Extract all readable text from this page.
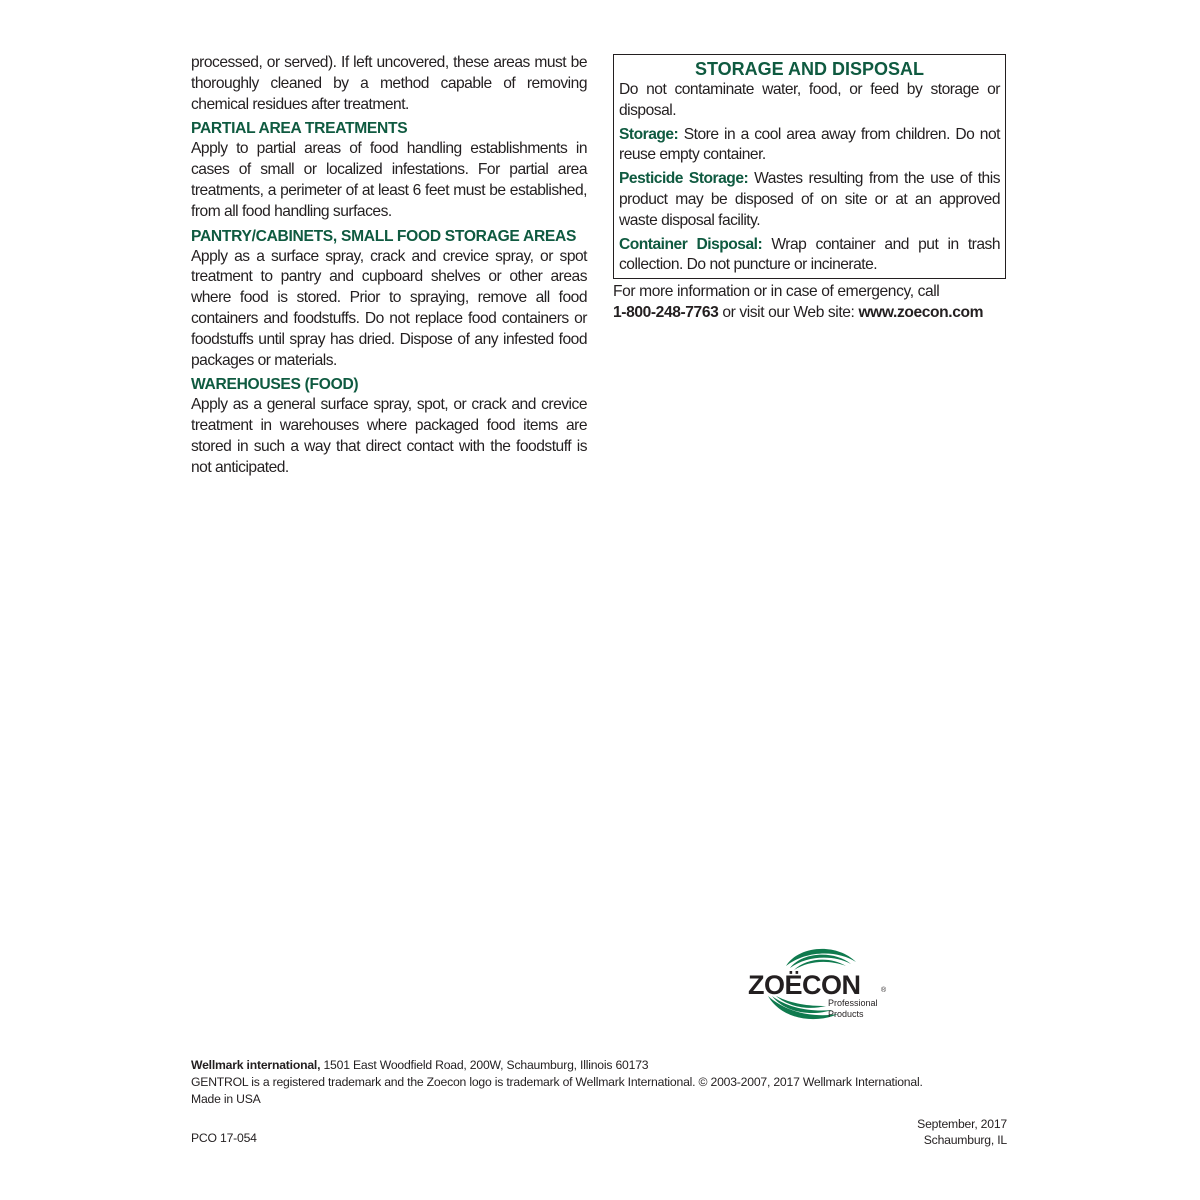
processed, or served). If left uncovered, these areas must be thoroughly cleaned by a method capable of removing chemical residues after treatment.

PARTIAL AREA TREATMENTS

Apply to partial areas of food handling establishments in cases of small or localized infestations. For partial area treatments, a perimeter of at least 6 feet must be established, from all food handling surfaces.

PANTRY/CABINETS, SMALL FOOD STORAGE AREAS

Apply as a surface spray, crack and crevice spray, or spot treatment to pantry and cupboard shelves or other areas where food is stored. Prior to spraying, remove all food containers and foodstuffs. Do not replace food containers or foodstuffs until spray has dried. Dispose of any infested food packages or materials.

WAREHOUSES (FOOD)

Apply as a general surface spray, spot, or crack and crevice treatment in warehouses where packaged food items are stored in such a way that direct contact with the foodstuff is not anticipated.

STORAGE AND DISPOSAL

Do not contaminate water, food, or feed by storage or disposal.

Storage: Store in a cool area away from children. Do not reuse empty container.

Pesticide Storage: Wastes resulting from the use of this product may be disposed of on site or at an approved waste disposal facility.

Container Disposal: Wrap container and put in trash collection. Do not puncture or incinerate.

For more information or in case of emergency, call
1-800-248-7763 or visit our Web site: www.zoecon.com
ZOËCON	®
Professional
Products
Wellmark international, 1501 East Woodfield Road, 200W, Schaumburg, Illinois 60173
GENTROL is a registered trademark and the Zoecon logo is trademark of Wellmark International. © 2003-2007, 2017 Wellmark International.
Made in USA
PCO 17-054
September, 2017
Schaumburg, IL
